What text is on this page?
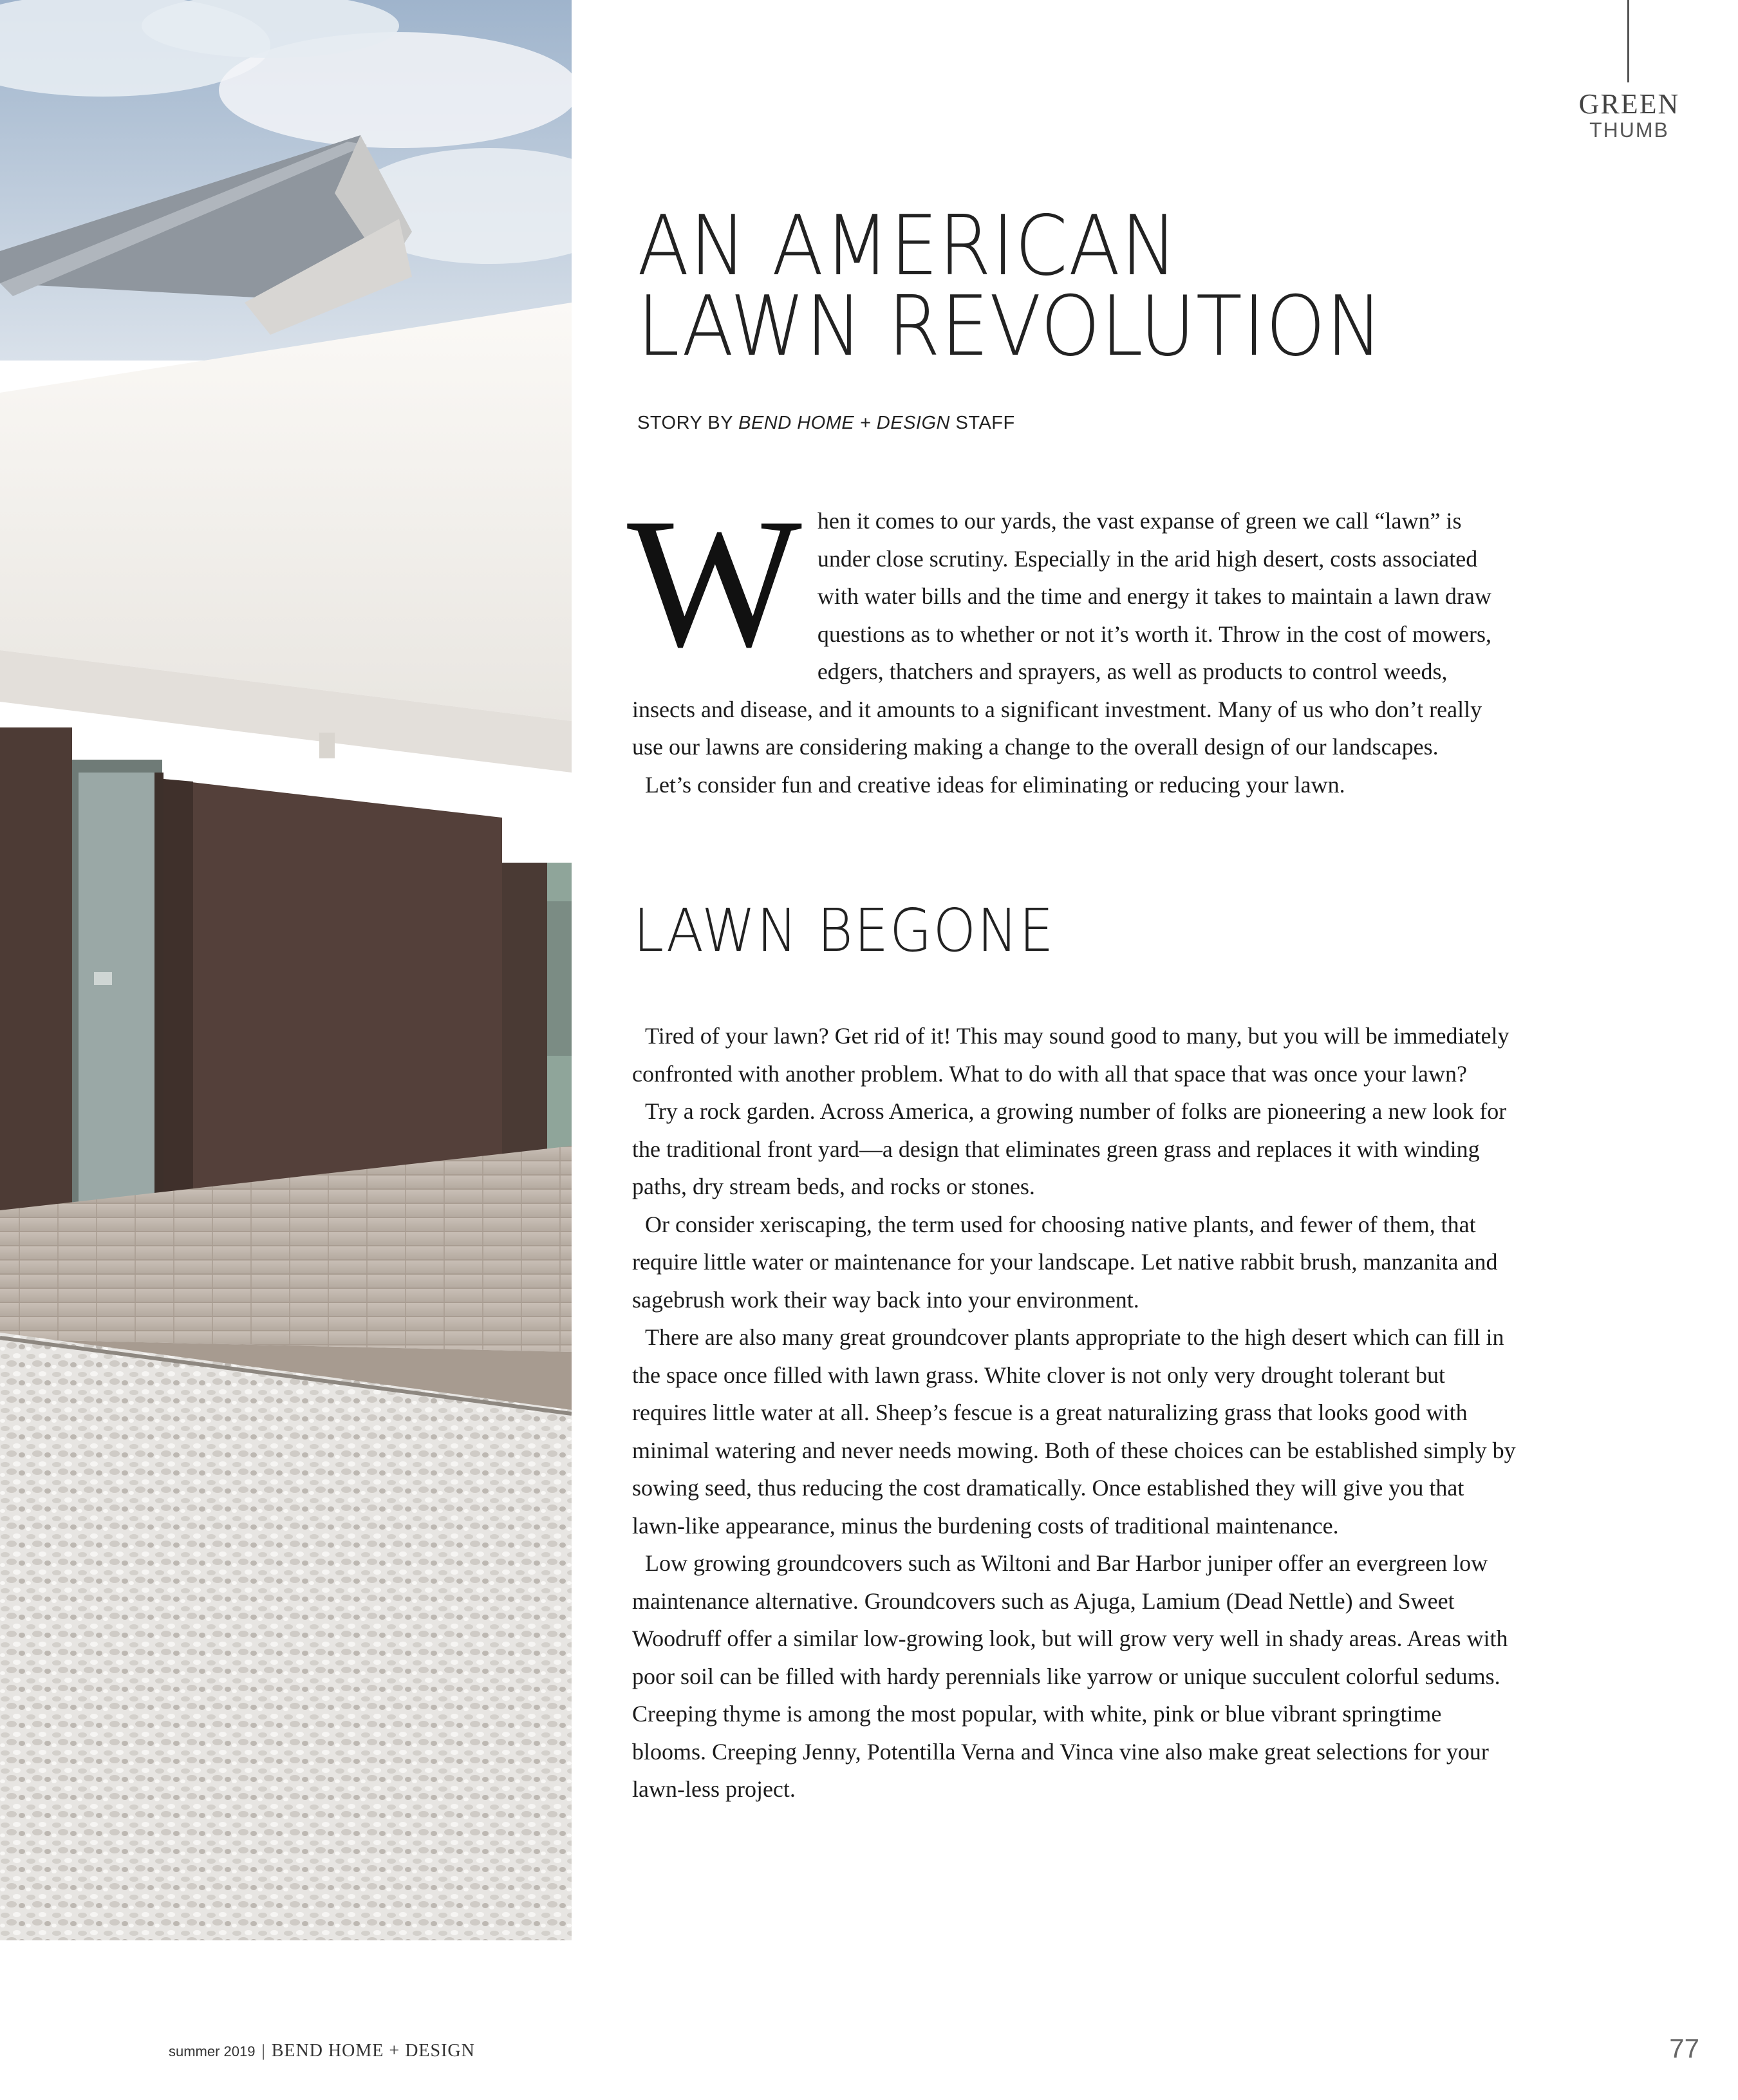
GREEN
THUMB
AN AMERICAN
LAWN REVOLUTION
STORY BY BEND HOME + DESIGN STAFF
W hen it comes to our yards, the vast expanse of green we call “lawn” is under close scrutiny. Especially in the arid high desert, costs associated with water bills and the time and energy it takes to maintain a lawn draw questions as to whether or not it’s worth it. Throw in the cost of mowers, edgers, thatchers and sprayers, as well as products to control weeds, insects and disease, and it amounts to a significant investment. Many of us who don’t really use our lawns are considering making a change to the overall design of our landscapes.

Let’s consider fun and creative ideas for eliminating or reducing your lawn.

LAWN BEGONE

Tired of your lawn? Get rid of it! This may sound good to many, but you will be immediately confronted with another problem. What to do with all that space that was once your lawn?

Try a rock garden. Across America, a growing number of folks are pioneering a new look for the traditional front yard—a design that eliminates green grass and replaces it with winding paths, dry stream beds, and rocks or stones.

Or consider xeriscaping, the term used for choosing native plants, and fewer of them, that require little water or maintenance for your landscape. Let native rabbit brush, manzanita and sagebrush work their way back into your environment.

There are also many great groundcover plants appropriate to the high desert which can fill in the space once filled with lawn grass. White clover is not only very drought tolerant but requires little water at all. Sheep’s fescue is a great naturalizing grass that looks good with minimal watering and never needs mowing. Both of these choices can be established simply by sowing seed, thus reducing the cost dramatically. Once established they will give you that lawn-like appearance, minus the burdening costs of traditional maintenance.

Low growing groundcovers such as Wiltoni and Bar Harbor juniper offer an evergreen low maintenance alternative. Groundcovers such as Ajuga, Lamium (Dead Nettle) and Sweet Woodruff offer a similar low-growing look, but will grow very well in shady areas. Areas with poor soil can be filled with hardy perennials like yarrow or unique succulent colorful sedums. Creeping thyme is among the most popular, with white, pink or blue vibrant springtime blooms. Creeping Jenny, Potentilla Verna and Vinca vine also make great selections for your lawn-less project.

summer 2019 | BEND HOME + DESIGN	77
